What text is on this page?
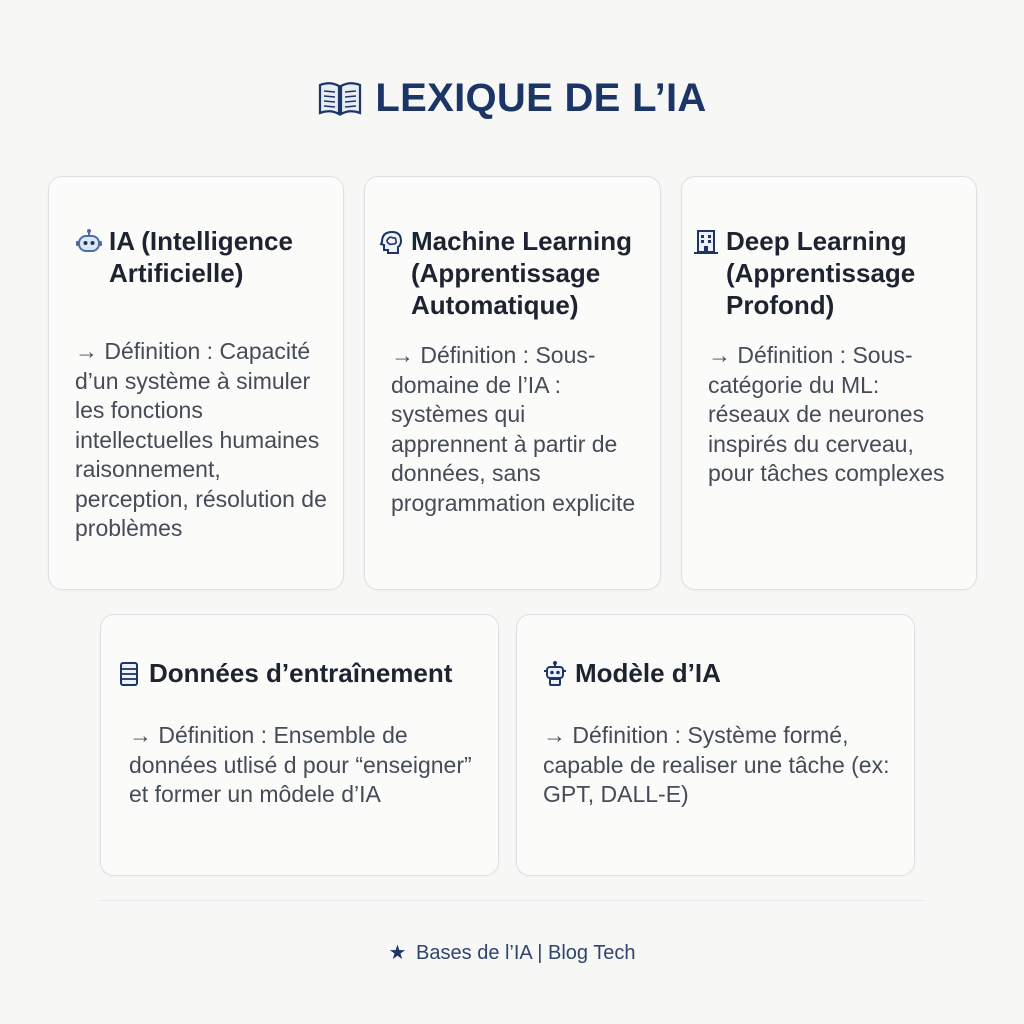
LEXIQUE DE L’IA
IA (Intelligence Artificielle)
→ Définition : Capacité d’un système à simuler les fonctions intellectuelles humaines raisonnement, perception, résolution de problèmes
Machine Learning (Apprentissage Automatique)
→ Définition : Sous-domaine de l’IA : systèmes qui apprennent à partir de données, sans programmation explicite
Deep Learning (Apprentissage Profond)
→ Définition : Sous-catégorie du ML: réseaux de neurones inspirés du cerveau, pour tâches complexes
Données d’entraînement
→ Définition : Ensemble de données utlisé d pour “enseigner” et former un môdele d’IA
Modèle d’IA
→ Définition : Système formé, capable de realiser une tâche (ex: GPT, DALL-E)
★ Bases de l’IA | Blog Tech
